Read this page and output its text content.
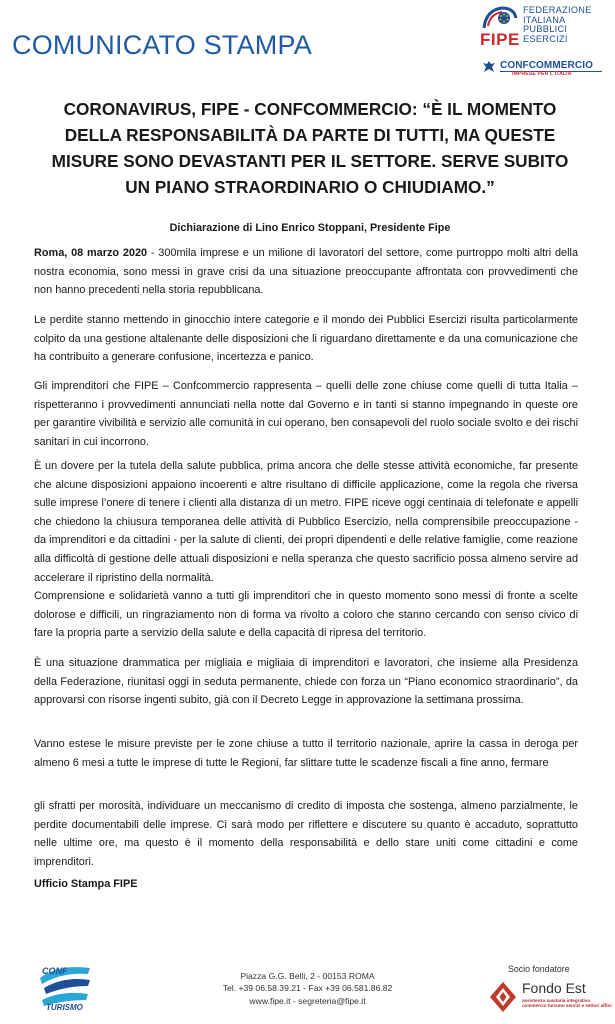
COMUNICATO STAMPA	FIPE
FEDERAZIONE
ITALIANA
PUBBLICI
ESERCIZI
CONFCOMMERCIO
IMPRESE PER L'ITALIA
CORONAVIRUS, FIPE - CONFCOMMERCIO: “È IL MOMENTO DELLA RESPONSABILITÀ DA PARTE DI TUTTI, MA QUESTE MISURE SONO DEVASTANTI PER IL SETTORE. SERVE SUBITO UN PIANO STRAORDINARIO O CHIUDIAMO.”
Dichiarazione di Lino Enrico Stoppani, Presidente Fipe
Roma, 08 marzo 2020 - 300mila imprese e un milione di lavoratori del settore, come purtroppo molti altri della nostra economia, sono messi in grave crisi da una situazione preoccupante affrontata con provvedimenti che non hanno precedenti nella storia repubblicana.
Le perdite stanno mettendo in ginocchio intere categorie e il mondo dei Pubblici Esercizi risulta particolarmente colpito da una gestione altalenante delle disposizioni che li riguardano direttamente e da una comunicazione che ha contribuito a generare confusione, incertezza e panico.
Gli imprenditori che FIPE – Confcommercio rappresenta – quelli delle zone chiuse come quelli di tutta Italia –rispetteranno i provvedimenti annunciati nella notte dal Governo e in tanti si stanno impegnando in queste ore per garantire vivibilità e servizio alle comunità in cui operano, ben consapevoli del ruolo sociale svolto e dei rischi sanitari in cui incorrono.
È un dovere per la tutela della salute pubblica, prima ancora che delle stesse attività economiche, far presente che alcune disposizioni appaiono incoerenti e altre risultano di difficile applicazione, come la regola che riversa sulle imprese l’onere di tenere i clienti alla distanza di un metro. FIPE riceve oggi centinaia di telefonate e appelli che chiedono la chiusura temporanea delle attività di Pubblico Esercizio, nella comprensibile preoccupazione - da imprenditori e da cittadini - per la salute di clienti, dei propri dipendenti e delle relative famiglie, come reazione alla difficoltà di gestione delle attuali disposizioni e nella speranza che questo sacrificio possa almeno servire ad accelerare il ripristino della normalità.
Comprensione e solidarietà vanno a tutti gli imprenditori che in questo momento sono messi di fronte a scelte dolorose e difficili, un ringraziamento non di forma va rivolto a coloro che stanno cercando con senso civico di fare la propria parte a servizio della salute e della capacità di ripresa del territorio.
È una situazione drammatica per migliaia e migliaia di imprenditori e lavoratori, che insieme alla Presidenza della Federazione, riunitasi oggi in seduta permanente, chiede con forza un “Piano economico straordinario”, da approvarsi con risorse ingenti subito, già con il Decreto Legge in approvazione la settimana prossima.
Vanno estese le misure previste per le zone chiuse a tutto il territorio nazionale, aprire la cassa in deroga per almeno 6 mesi a tutte le imprese di tutte le Regioni, far slittare tutte le scadenze fiscali a fine anno, fermare
gli sfratti per morosità, individuare un meccanismo di credito di imposta che sostenga, almeno parzialmente, le perdite documentabili delle imprese. Ci sarà modo per riflettere e discutere su quanto è accaduto, soprattutto nelle ultime ore, ma questo è il momento della responsabilità e dello stare uniti come cittadini e come imprenditori.
Ufficio Stampa FIPE
CONF
TURISMO
Piazza G.G. Belli, 2 - 00153 ROMA
Tel. +39 06.58.39.21 - Fax +39 06.581.86.82
www.fipe.it - segreteria@fipe.it
Socio fondatore
Fondo Est
assistenza sanitaria integrativa commercio turismo servizi e settori affini
